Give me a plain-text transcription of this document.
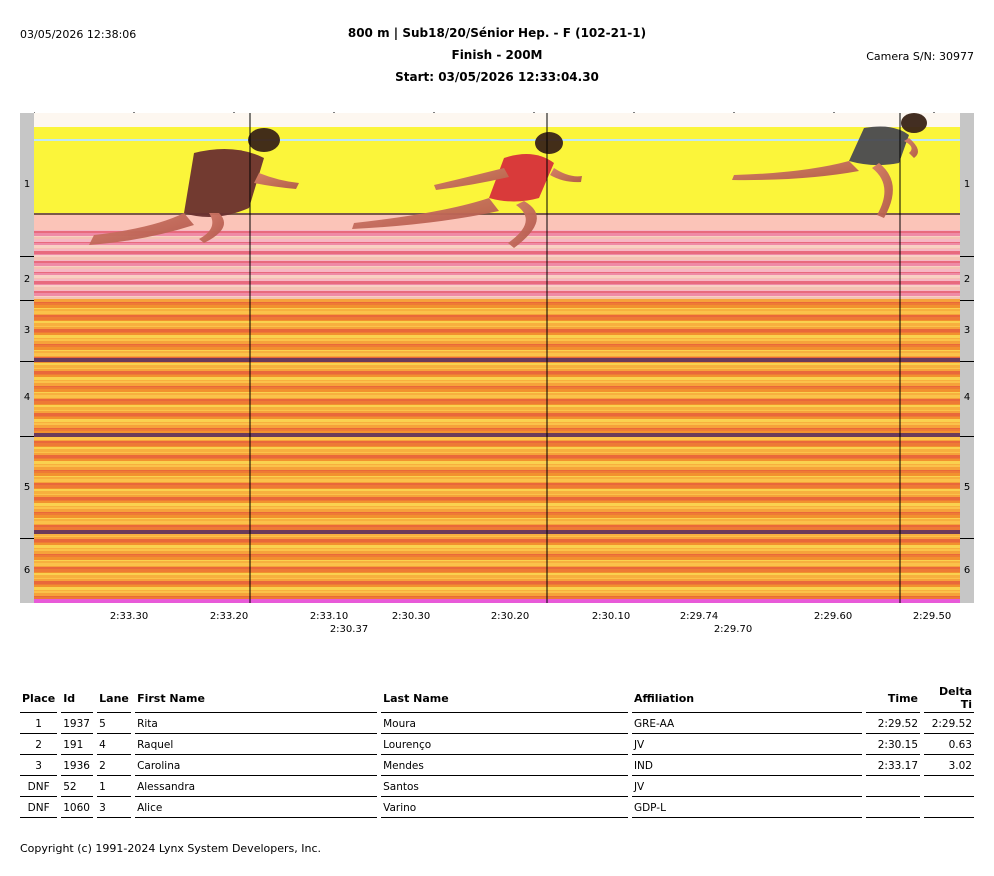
03/05/2026 12:38:06	800 m | Sub18/20/Sénior Hep. - F (102-21-1)
Finish - 200M
Start: 03/05/2026 12:33:04.30
Camera S/N: 30977
1	1
2	2
3	3
4	4
5	5
6	6
2:33.30	2:33.20	2:33.10	2:30.30	2:30.20	2:30.10	2:29.74	2:29.60	2:29.50
2:30.37	2:29.70
Place		Id		Lane		First Name		Last Name		Affiliation		Time		Delta Ti
1		1937		5		Rita		Moura		GRE-AA		2:29.52		2:29.52
2		191		4		Raquel		Lourenço		JV		2:30.15		0.63
3		1936		2		Carolina		Mendes		IND		2:33.17		3.02
DNF		52		1		Alessandra		Santos		JV				
DNF		1060		3		Alice		Varino		GDP-L				
Copyright (c) 1991-2024 Lynx System Developers, Inc.
